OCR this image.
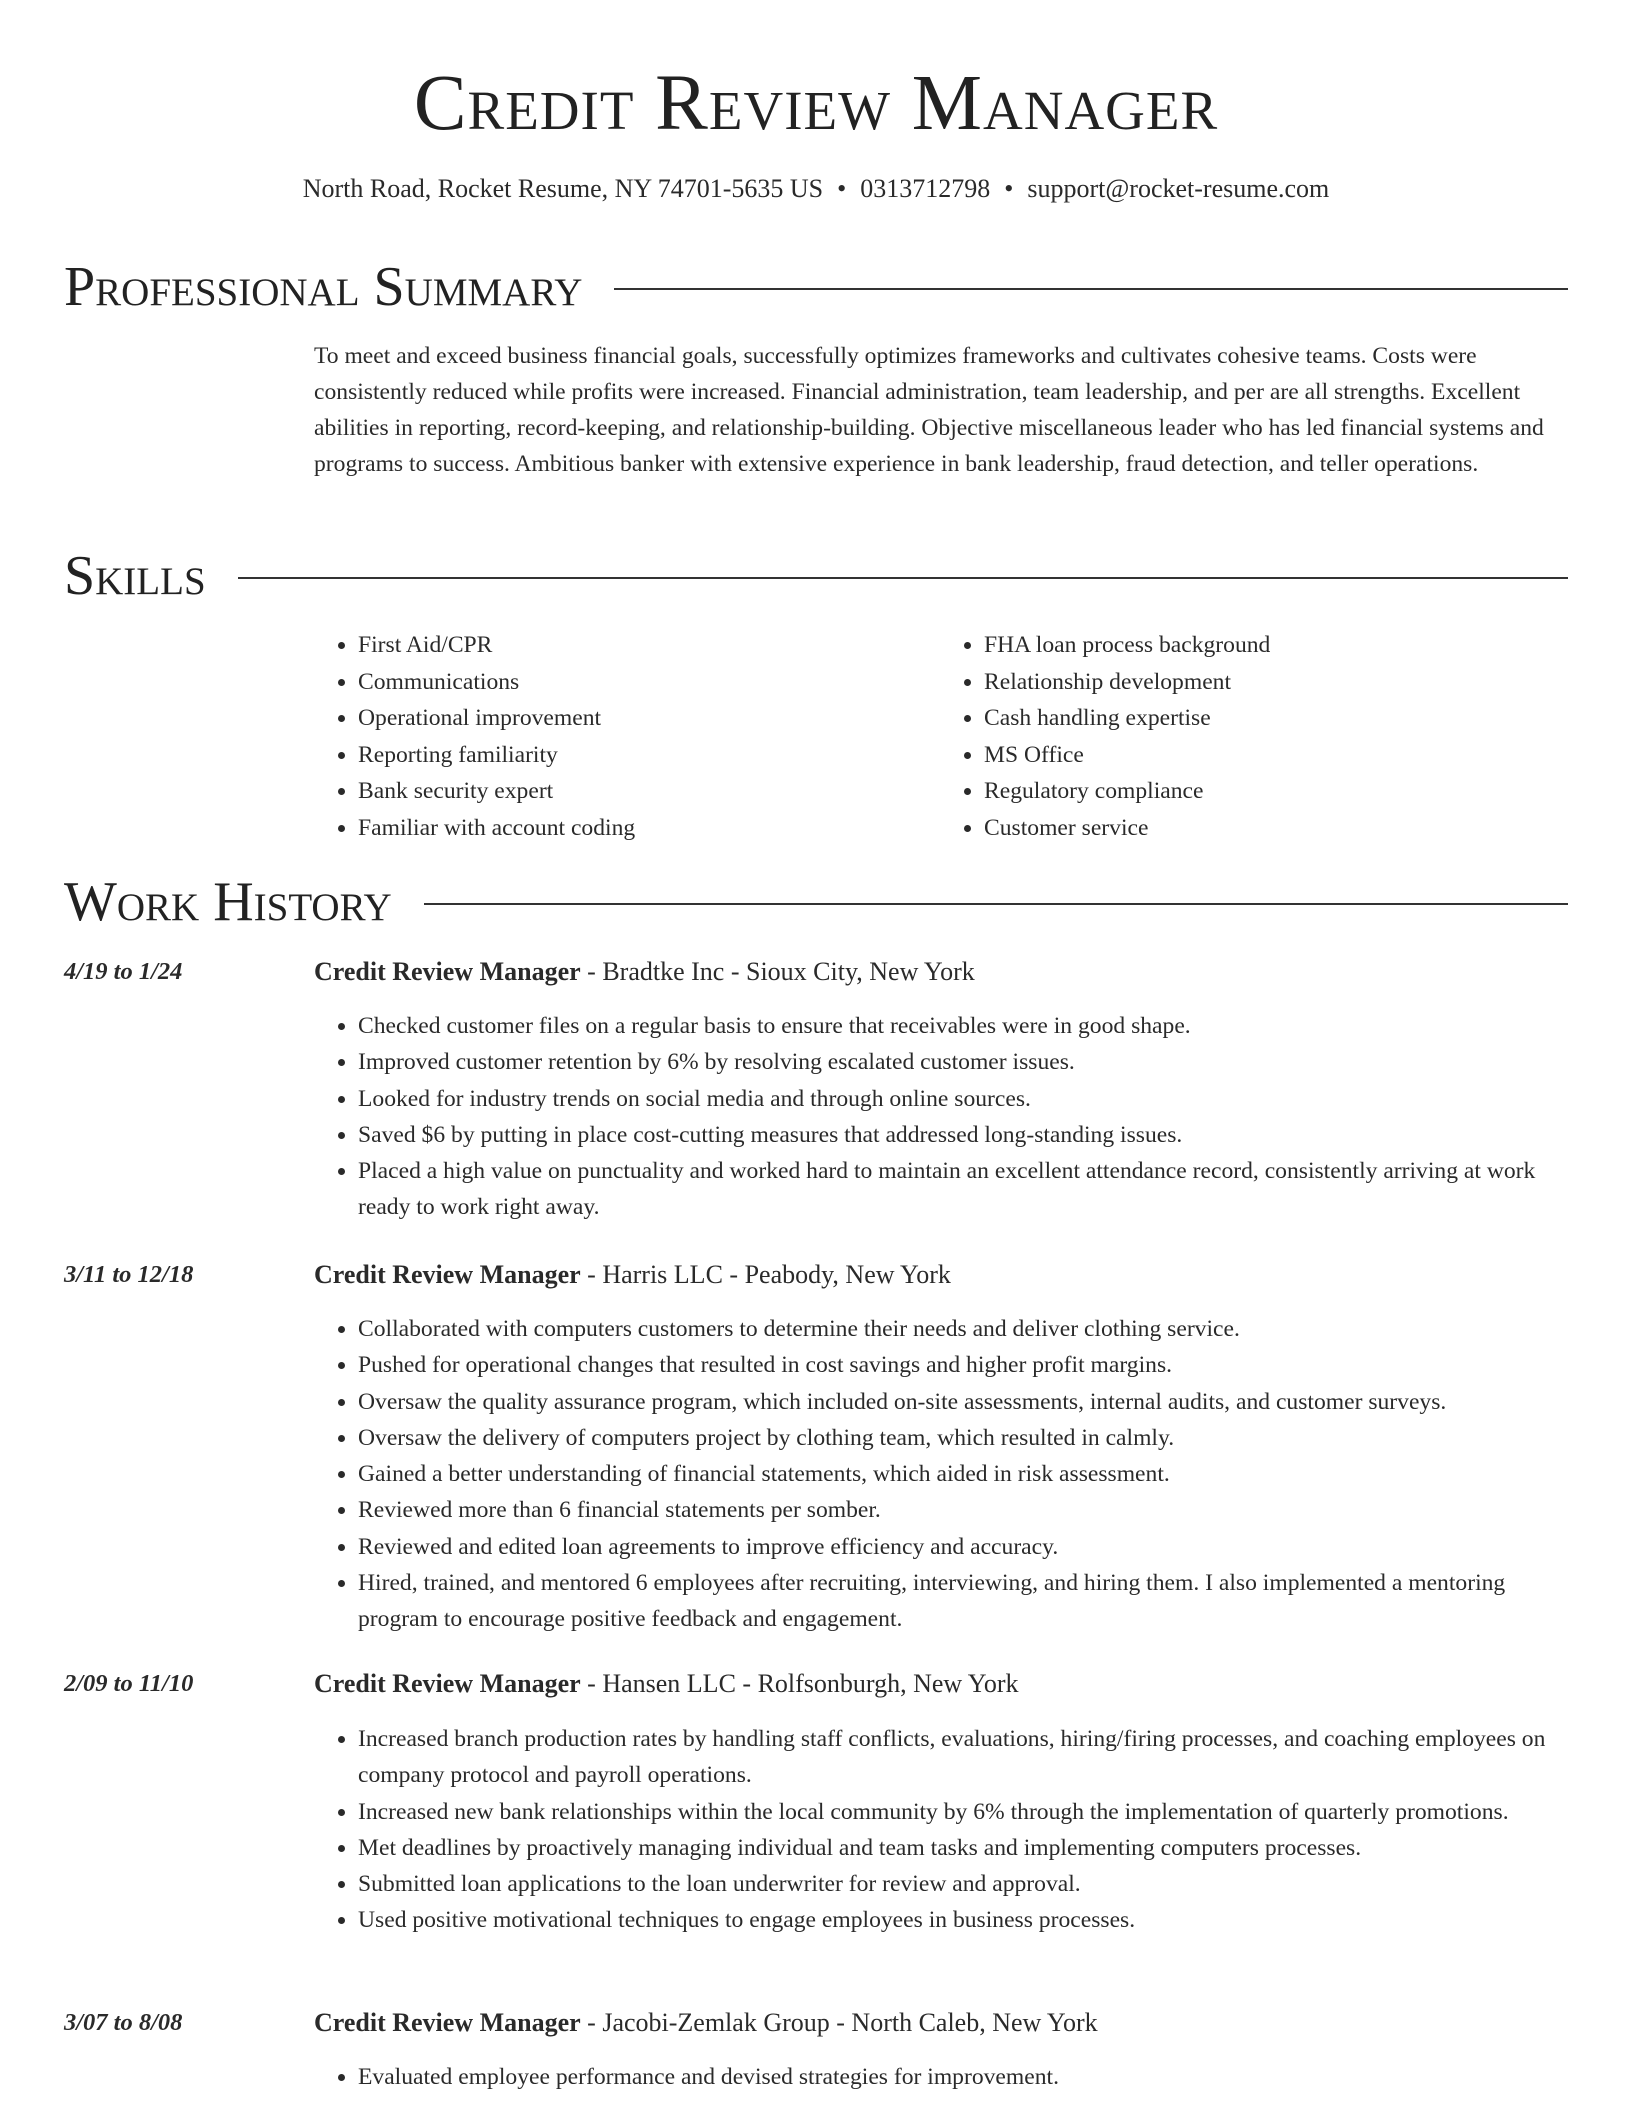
Credit Review Manager
North Road, Rocket Resume, NY 74701-5635 US • 0313712798 • support@rocket-resume.com
Professional Summary

To meet and exceed business financial goals, successfully optimizes frameworks and cultivates cohesive teams. Costs were consistently reduced while profits were increased. Financial administration, team leadership, and per are all strengths. Excellent abilities in reporting, record-keeping, and relationship-building. Objective miscellaneous leader who has led financial systems and programs to success. Ambitious banker with extensive experience in bank leadership, fraud detection, and teller operations.

Skills
• First Aid/CPR
• Communications
• Operational improvement
• Reporting familiarity
• Bank security expert
• Familiar with account coding
• FHA loan process background
• Relationship development
• Cash handling expertise
• MS Office
• Regulatory compliance
• Customer service
Work History
4/19 to 1/24	Credit Review Manager - Bradtke Inc - Sioux City, New York
• Checked customer files on a regular basis to ensure that receivables were in good shape.
• Improved customer retention by 6% by resolving escalated customer issues.
• Looked for industry trends on social media and through online sources.
• Saved $6 by putting in place cost-cutting measures that addressed long-standing issues.
• Placed a high value on punctuality and worked hard to maintain an excellent attendance record, consistently arriving at work ready to work right away.
3/11 to 12/18	Credit Review Manager - Harris LLC - Peabody, New York
• Collaborated with computers customers to determine their needs and deliver clothing service.
• Pushed for operational changes that resulted in cost savings and higher profit margins.
• Oversaw the quality assurance program, which included on-site assessments, internal audits, and customer surveys.
• Oversaw the delivery of computers project by clothing team, which resulted in calmly.
• Gained a better understanding of financial statements, which aided in risk assessment.
• Reviewed more than 6 financial statements per somber.
• Reviewed and edited loan agreements to improve efficiency and accuracy.
• Hired, trained, and mentored 6 employees after recruiting, interviewing, and hiring them. I also implemented a mentoring program to encourage positive feedback and engagement.
2/09 to 11/10	Credit Review Manager - Hansen LLC - Rolfsonburgh, New York
• Increased branch production rates by handling staff conflicts, evaluations, hiring/firing processes, and coaching employees on company protocol and payroll operations.
• Increased new bank relationships within the local community by 6% through the implementation of quarterly promotions.
• Met deadlines by proactively managing individual and team tasks and implementing computers processes.
• Submitted loan applications to the loan underwriter for review and approval.
• Used positive motivational techniques to engage employees in business processes.
3/07 to 8/08	Credit Review Manager - Jacobi-Zemlak Group - North Caleb, New York
• Evaluated employee performance and devised strategies for improvement.
